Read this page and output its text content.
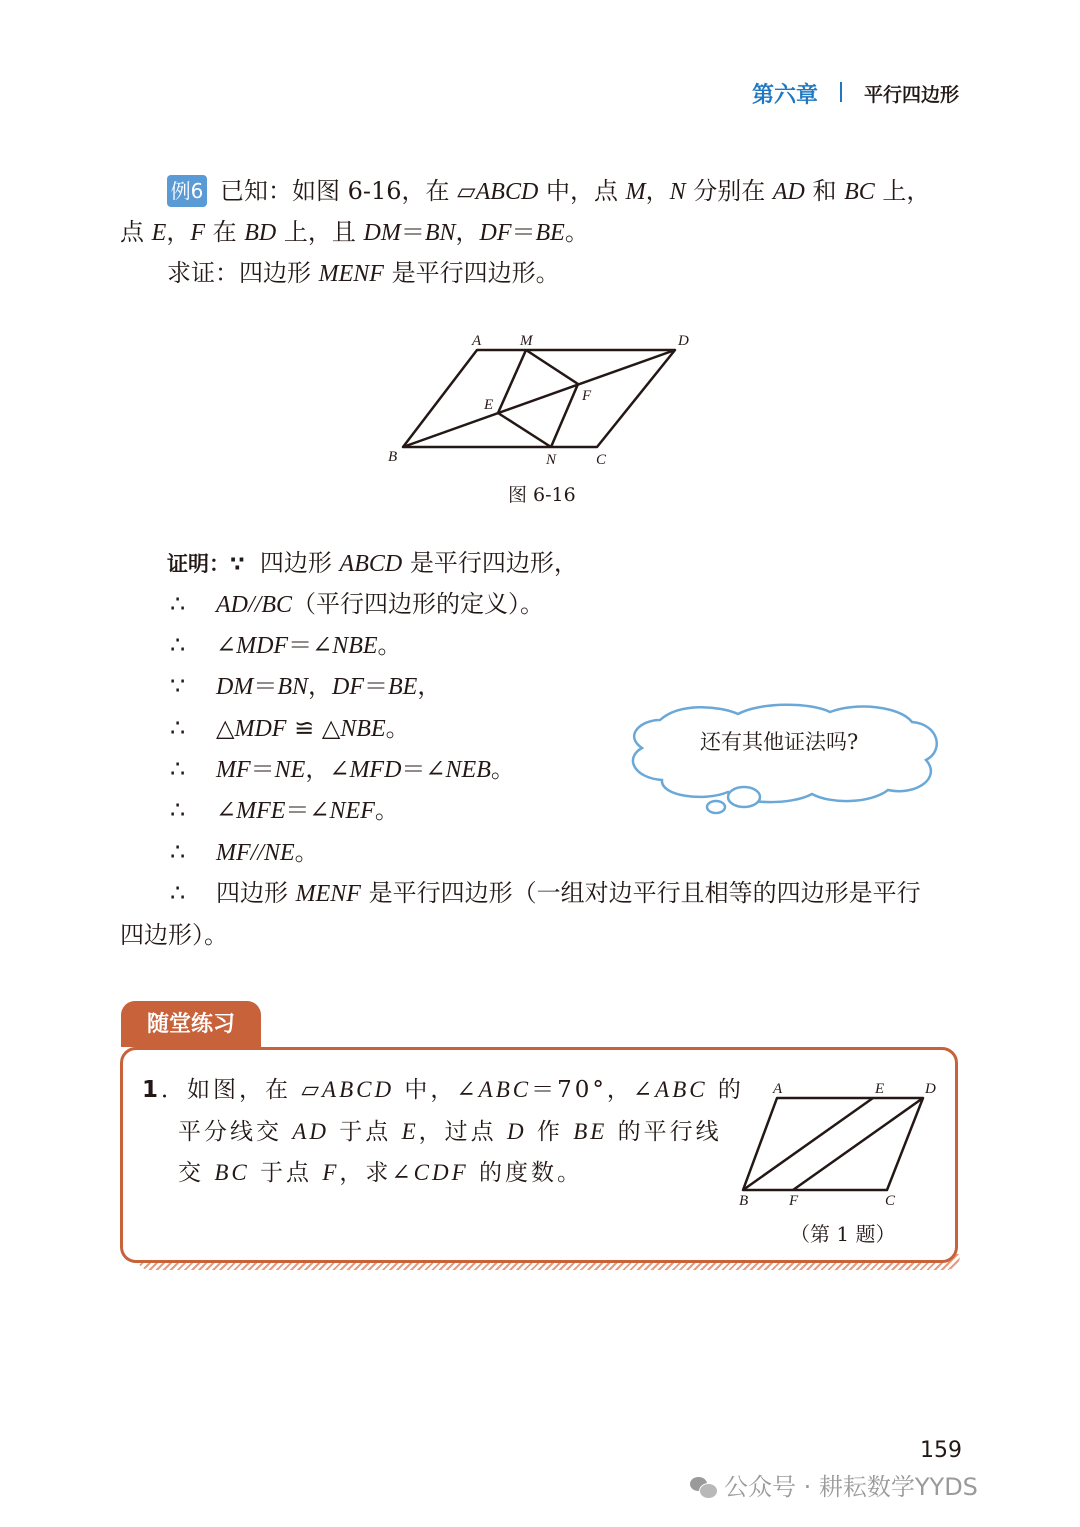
第六章 平行四边形
例6 已知：如图 6-16，在 ▱ABCD 中，点 M，N 分别在 AD 和 BC 上，
点 E，F 在 BD 上，且 DM＝BN，DF＝BE。
求证：四边形 MENF 是平行四边形。
A	M	D
E
F
B	N	C
图 6-16
证明：∵ 四边形 ABCD 是平行四边形，
∴ AD//BC（平行四边形的定义）。
∴ ∠MDF＝∠NBE。
∵ DM＝BN，DF＝BE，
∴ △MDF ≌ △NBE。
∴ MF＝NE，∠MFD＝∠NEB。
∴ ∠MFE＝∠NEF。
∴ MF//NE。
∴ 四边形 MENF 是平行四边形（一组对边平行且相等的四边形是平行
四边形）。
还有其他证法吗?
随堂练习
1．如图，在 ▱ABCD 中，∠ABC＝70°，∠ABC 的
平分线交 AD 于点 E，过点 D 作 BE 的平行线
交 BC 于点 F，求∠CDF 的度数。
A	E	D
B	F	C
（第 1 题）
159
公众号 · 耕耘数学YYDS
